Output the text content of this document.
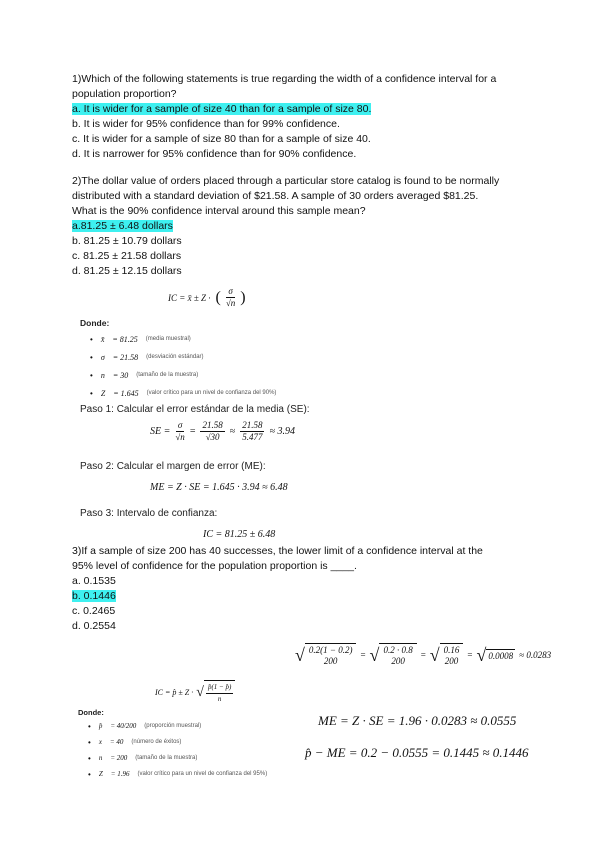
1)Which of the following statements is true regarding the width of a confidence interval for a
population proportion?
a. It is wider for a sample of size 40 than for a sample of size 80.
b. It is wider for 95% confidence than for 99% confidence.
c. It is wider for a sample of size 80 than for a sample of size 40.
d. It is narrower for 95% confidence than for 90% confidence.
2)The dollar value of orders placed through a particular store catalog is found to be normally
distributed with a standard deviation of $21.58. A sample of 30 orders averaged $81.25.
What is the 90% confidence interval around this sample mean?
a.81.25 ± 6.48 dollars
b. 81.25 ± 10.79 dollars
c. 81.25 ± 21.58 dollars
d. 81.25 ± 12.15 dollars
IC = x̄ ± Z · ( $\frac{\sigma}{√n}$ )
Donde:
• x̄ = 81.25 (media muestral)
• σ = 21.58 (desviación estándar)
• n = 30 (tamaño de la muestra)
• Z = 1.645 (valor crítico para un nivel de confianza del 90%)
Paso 1: Calcular el error estándar de la media (SE):
SE = $\frac{\sigma}{√n} = \frac{21.58}{√30} \approx \frac{21.58}{5.477} \approx 3.94$
Paso 2: Calcular el margen de error (ME):
ME = Z · SE = 1.645 · 3.94 ≈ 6.48
Paso 3: Intervalo de confianza:
IC = 81.25 ± 6.48
3)If a sample of size 200 has 40 successes, the lower limit of a confidence interval at the
95% level of confidence for the population proportion is ____.
a. 0.1535
b. 0.1446
c. 0.2465
d. 0.2554
√ 0.2(1 − 0.2)
200
= √ 0.2 · 0.8
200
= √ 0.16
200
= √ 0.0008 ≈ 0.0283
IC = p̂ ± Z · √ $\frac{p̂(1 - p̂)}{n}$
Donde:
• p̂ = 40/200 (proporción muestral)
• x = 40 (número de éxitos)
• n = 200 (tamaño de la muestra)
• Z = 1.96 (valor crítico para un nivel de confianza del 95%)
ME = Z · SE = 1.96 · 0.0283 ≈ 0.0555
p̂ − ME = 0.2 − 0.0555 = 0.1445 ≈ 0.1446
